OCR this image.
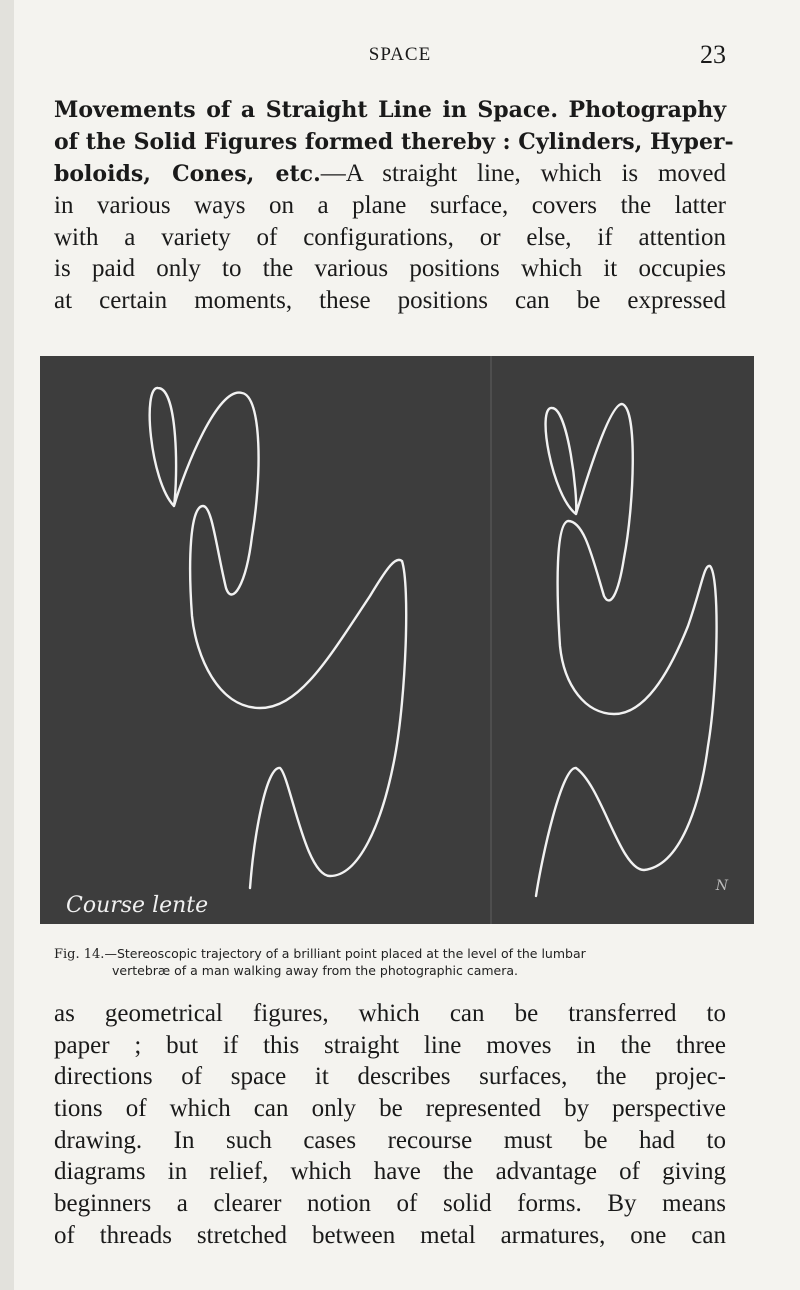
SPACE	23
Movements of a Straight Line in Space. Photography
of the Solid Figures formed thereby : Cylinders, Hyper-
boloids, Cones, etc.—A straight line, which is moved
in various ways on a plane surface, covers the latter
with a variety of configurations, or else, if attention
is paid only to the various positions which it occupies
at certain moments, these positions can be expressed
Course lente
N
Fig. 14.—Stereoscopic trajectory of a brilliant point placed at the level of the lumbar
vertebræ of a man walking away from the photographic camera.
as geometrical figures, which can be transferred to
paper ; but if this straight line moves in the three
directions of space it describes surfaces, the projec-
tions of which can only be represented by perspective
drawing. In such cases recourse must be had to
diagrams in relief, which have the advantage of giving
beginners a clearer notion of solid forms. By means
of threads stretched between metal armatures, one can
